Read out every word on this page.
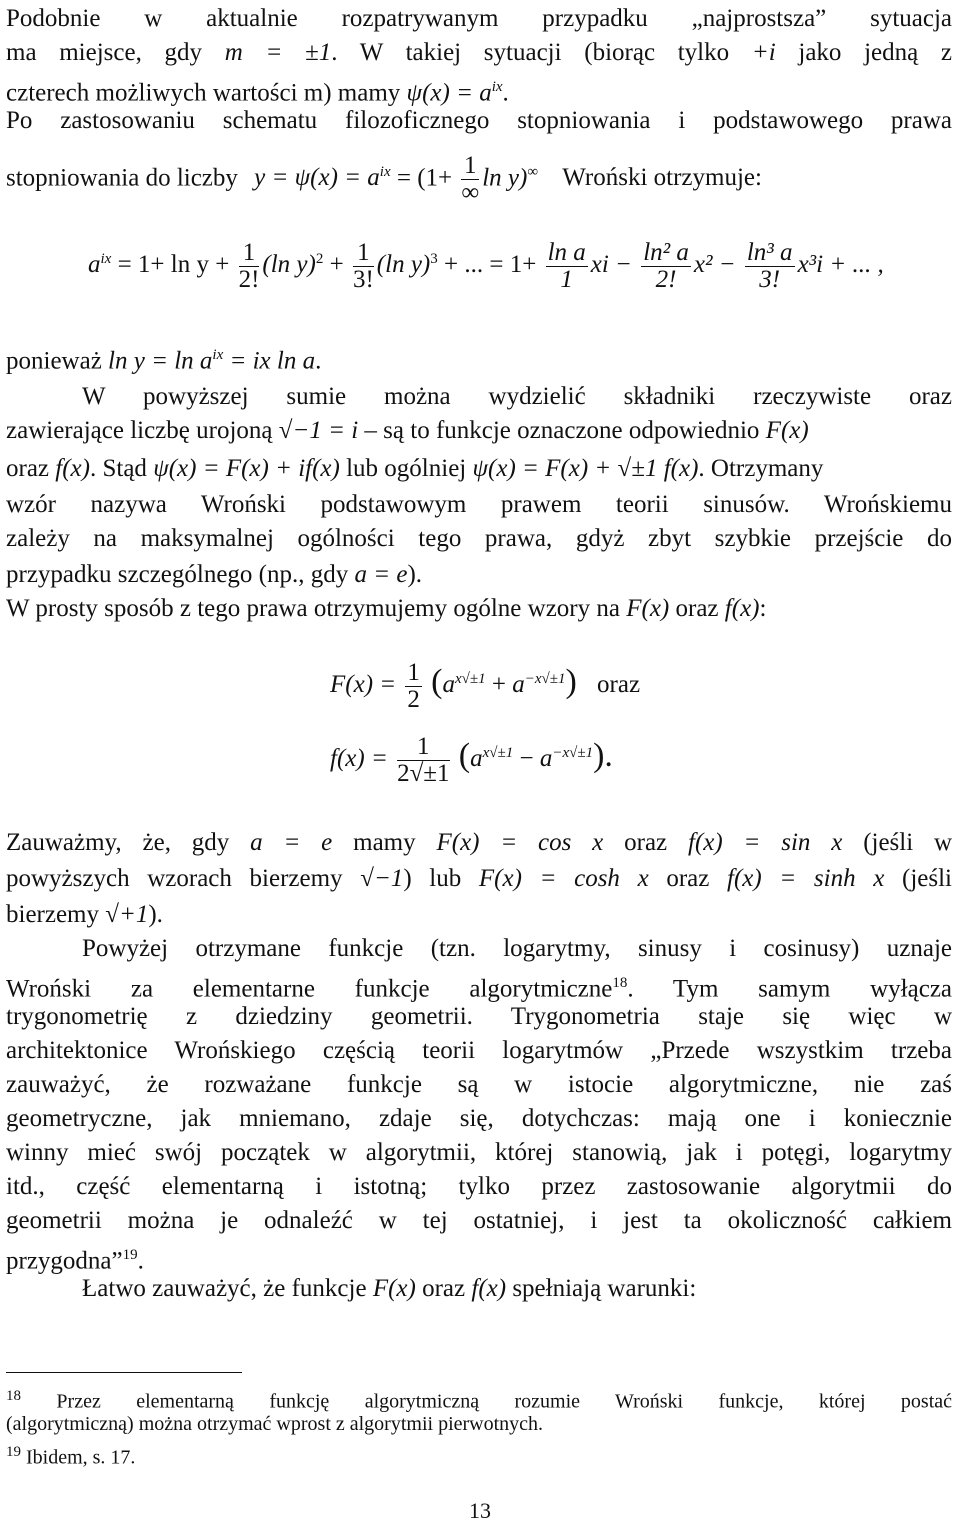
Podobnie w aktualnie rozpatrywanym przypadku „najprostsza” sytuacja
ma miejsce, gdy m = ±1. W takiej sytuacji (biorąc tylko +i jako jedną z
czterech możliwych wartości m) mamy $\psi(x) = a^{ix}$.
Po zastosowaniu schematu filozoficznego stopniowania i podstawowego prawa
stopniowania do liczby $y = \psi(x) = a^{ix} = (1+ \frac{1}{\infty}$ ln y)∞ Wroński otrzymuje:
$a^{ix} = 1+ \ln y + \frac{1}{2!} (\ln$ $y)^2 + \frac{1}{3!} (\ln$ y)$^3$ + ... = $1+ \frac{\text{ln a}}{1}$ xi − $\frac{\text{ln² a}}{2!} x^2 - \frac{\text{ln³ a}}{3!} x^3i$ + ... ,
ponieważ $\ln y = \ln a^{ix}$ = ix ln a.
W powyższej sumie można wydzielić składniki rzeczywiste oraz
zawierające liczbę urojoną √−1 = i – są to funkcje oznaczone odpowiednio F(x)
oraz f(x). Stąd ψ(x) = F(x) + if(x) lub ogólniej ψ(x) = F(x) + √±1 f(x). Otrzymany
wzór nazywa Wroński podstawowym prawem teorii sinusów. Wrońskiemu
zależy na maksymalnej ogólności tego prawa, gdyż zbyt szybkie przejście do
przypadku szczególnego (np., gdy a = e).
W prosty sposób z tego prawa otrzymujemy ogólne wzory na F(x) oraz f(x):
$F(x) = \frac{1}{2} (a^{x√\pm 1} + a^{-x√\pm 1})$ oraz
$f(x) = \frac{1}{2√\pm 1} (a^{x√\pm 1} - a^{-x√\pm 1})$.
Zauważmy, że, gdy a = e mamy F(x) = cos x oraz f(x) = sin x (jeśli w
powyższych wzorach bierzemy √−1) lub F(x) = cosh x oraz f(x) = sinh x (jeśli
bierzemy √+1).
Powyżej otrzymane funkcje (tzn. logarytmy, sinusy i cosinusy) uznaje
Wroński za elementarne funkcje algorytmiczne$^{18}$. Tym samym wyłącza
trygonometrię z dziedziny geometrii. Trygonometria staje się więc w
architektonice Wrońskiego częścią teorii logarytmów „Przede wszystkim trzeba
zauważyć, że rozważane funkcje są w istocie algorytmiczne, nie zaś
geometryczne, jak mniemano, zdaje się, dotychczas: mają one i koniecznie
winny mieć swój początek w algorytmii, której stanowią, jak i potęgi, logarytmy
itd., część elementarną i istotną; tylko przez zastosowanie algorytmii do
geometrii można je odnaleźć w tej ostatniej, i jest ta okoliczność całkiem
przygodna”$^{19}$.
Łatwo zauważyć, że funkcje F(x) oraz f(x) spełniają warunki:
$^{18}$ Przez elementarną funkcję algorytmiczną rozumie Wroński funkcje, której postać
(algorytmiczną) można otrzymać wprost z algorytmii pierwotnych.
$^{19}$ Ibidem, s. 17.
13
